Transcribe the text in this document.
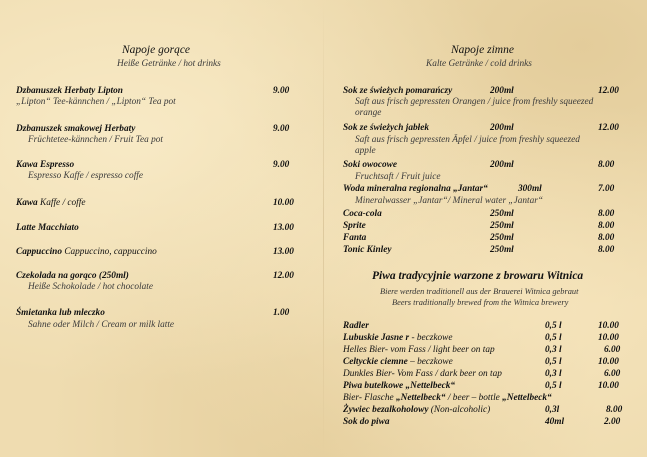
Napoje gorące
Heiße Getränke / hot drinks
Dzbanuszek Herbaty Lipton	9.00
„Lipton“ Tee-kännchen / „Lipton“ Tea pot
Dzbanuszek smakowej Herbaty	9.00
Früchtetee-kännchen / Fruit Tea pot
Kawa Espresso	9.00
Espresso Kaffe / espresso coffe
Kawa Kaffe / coffe	10.00
Latte Macchiato	13.00
Cappuccino Cappuccino, cappuccino	13.00
Czekolada na gorąco (250ml)	12.00
Heiße Schokolade / hot chocolate
Śmietanka lub mleczko	1.00
Sahne oder Milch / Cream or milk latte
Napoje zimne
Kalte Getränke / cold drinks
Sok ze świeżych pomarańczy	200ml	12.00
Saft aus frisch gepressten Orangen / juice from freshly squeezed
orange
Sok ze świeżych jabłek	200ml	12.00
Saft aus frisch gepressten Äpfel / juice from freshly squeezed
apple
Soki owocowe	200ml	8.00
Fruchtsaft / Fruit juice
Woda mineralna regionalna „Jantar“	300ml	7.00
Mineralwasser „Jantar“/ Mineral water „Jantar“
Coca-cola	250ml	8.00
Sprite	250ml	8.00
Fanta	250ml	8.00
Tonic Kinley	250ml	8.00
Piwa tradycyjnie warzone z browaru Witnica
Biere werden traditionell aus der Brauerei Witnica gebraut
Beers traditionally brewed from the Witnica brewery
Radler	0,5 l	10.00
Lubuskie Jasne r - beczkowe	0,5 l	10.00
Helles Bier- vom Fass / light beer on tap	0,3 l	6.00
Celtyckie ciemne – beczkowe	0,5 l	10.00
Dunkles Bier- Vom Fass / dark beer on tap	0,3 l	6.00
Piwa butelkowe „Nettelbeck“	0,5 l	10.00
Bier- Flasche „Nettelbeck“ / beer – bottle „Nettelbeck“
Żywiec bezalkoholowy (Non-alcoholic)	0,3l	8.00
Sok do piwa	40ml	2.00
